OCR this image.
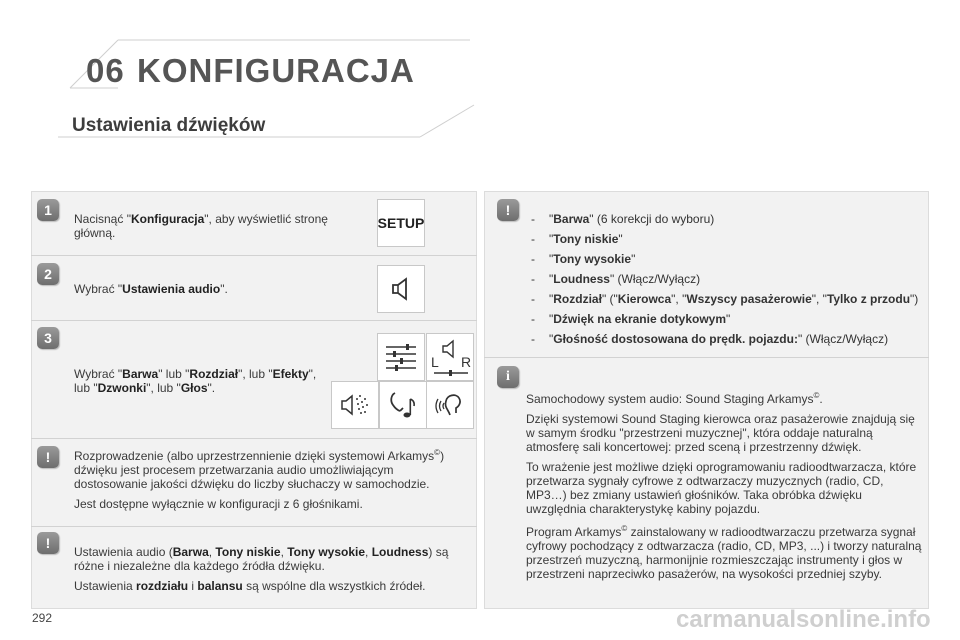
06 KONFIGURACJA
Ustawienia dźwięków
1
Nacisnąć "Konfiguracja", aby wyświetlić stronę główną.
SETUP
2
Wybrać "Ustawienia audio".
3
Wybrać "Barwa" lub "Rozdział", lub "Efekty", lub "Dzwonki", lub "Głos".
L R
!	Rozprowadzenie (albo uprzestrzennienie dzięki systemowi Arkamys©) dźwięku jest procesem przetwarzania audio umożliwiającym dostosowanie jakości dźwięku do liczby słuchaczy w samochodzie.

Jest dostępne wyłącznie w konfiguracji z 6 głośnikami.

!

Ustawienia audio (Barwa, Tony niskie, Tony wysokie, Loudness) są różne i niezależne dla każdego źródła dźwięku.

Ustawienia rozdziału i balansu są wspólne dla wszystkich źródeł.

!
- "Barwa" (6 korekcji do wyboru)
- "Tony niskie"
- "Tony wysokie"
- "Loudness" (Włącz/Wyłącz)
- "Rozdział" ("Kierowca", "Wszyscy pasażerowie", "Tylko z przodu")
- "Dźwięk na ekranie dotykowym"
- "Głośność dostosowana do prędk. pojazdu:" (Włącz/Wyłącz)
i

Samochodowy system audio: Sound Staging Arkamys©.

Dzięki systemowi Sound Staging kierowca oraz pasażerowie znajdują się w samym środku "przestrzeni muzycznej", która oddaje naturalną atmosferę sali koncertowej: przed sceną i przestrzenny dźwięk.

To wrażenie jest możliwe dzięki oprogramowaniu radioodtwarzacza, które przetwarza sygnały cyfrowe z odtwarzaczy muzycznych (radio, CD, MP3…) bez zmiany ustawień głośników. Taka obróbka dźwięku uwzględnia charakterystykę kabiny pojazdu.

Program Arkamys© zainstalowany w radioodtwarzaczu przetwarza sygnał cyfrowy pochodzący z odtwarzacza (radio, CD, MP3, ...) i tworzy naturalną przestrzeń muzyczną, harmonijnie rozmieszczając instrumenty i głos w przestrzeni naprzeciwko pasażerów, na wysokości przedniej szyby.

292	carmanualsonline.info
